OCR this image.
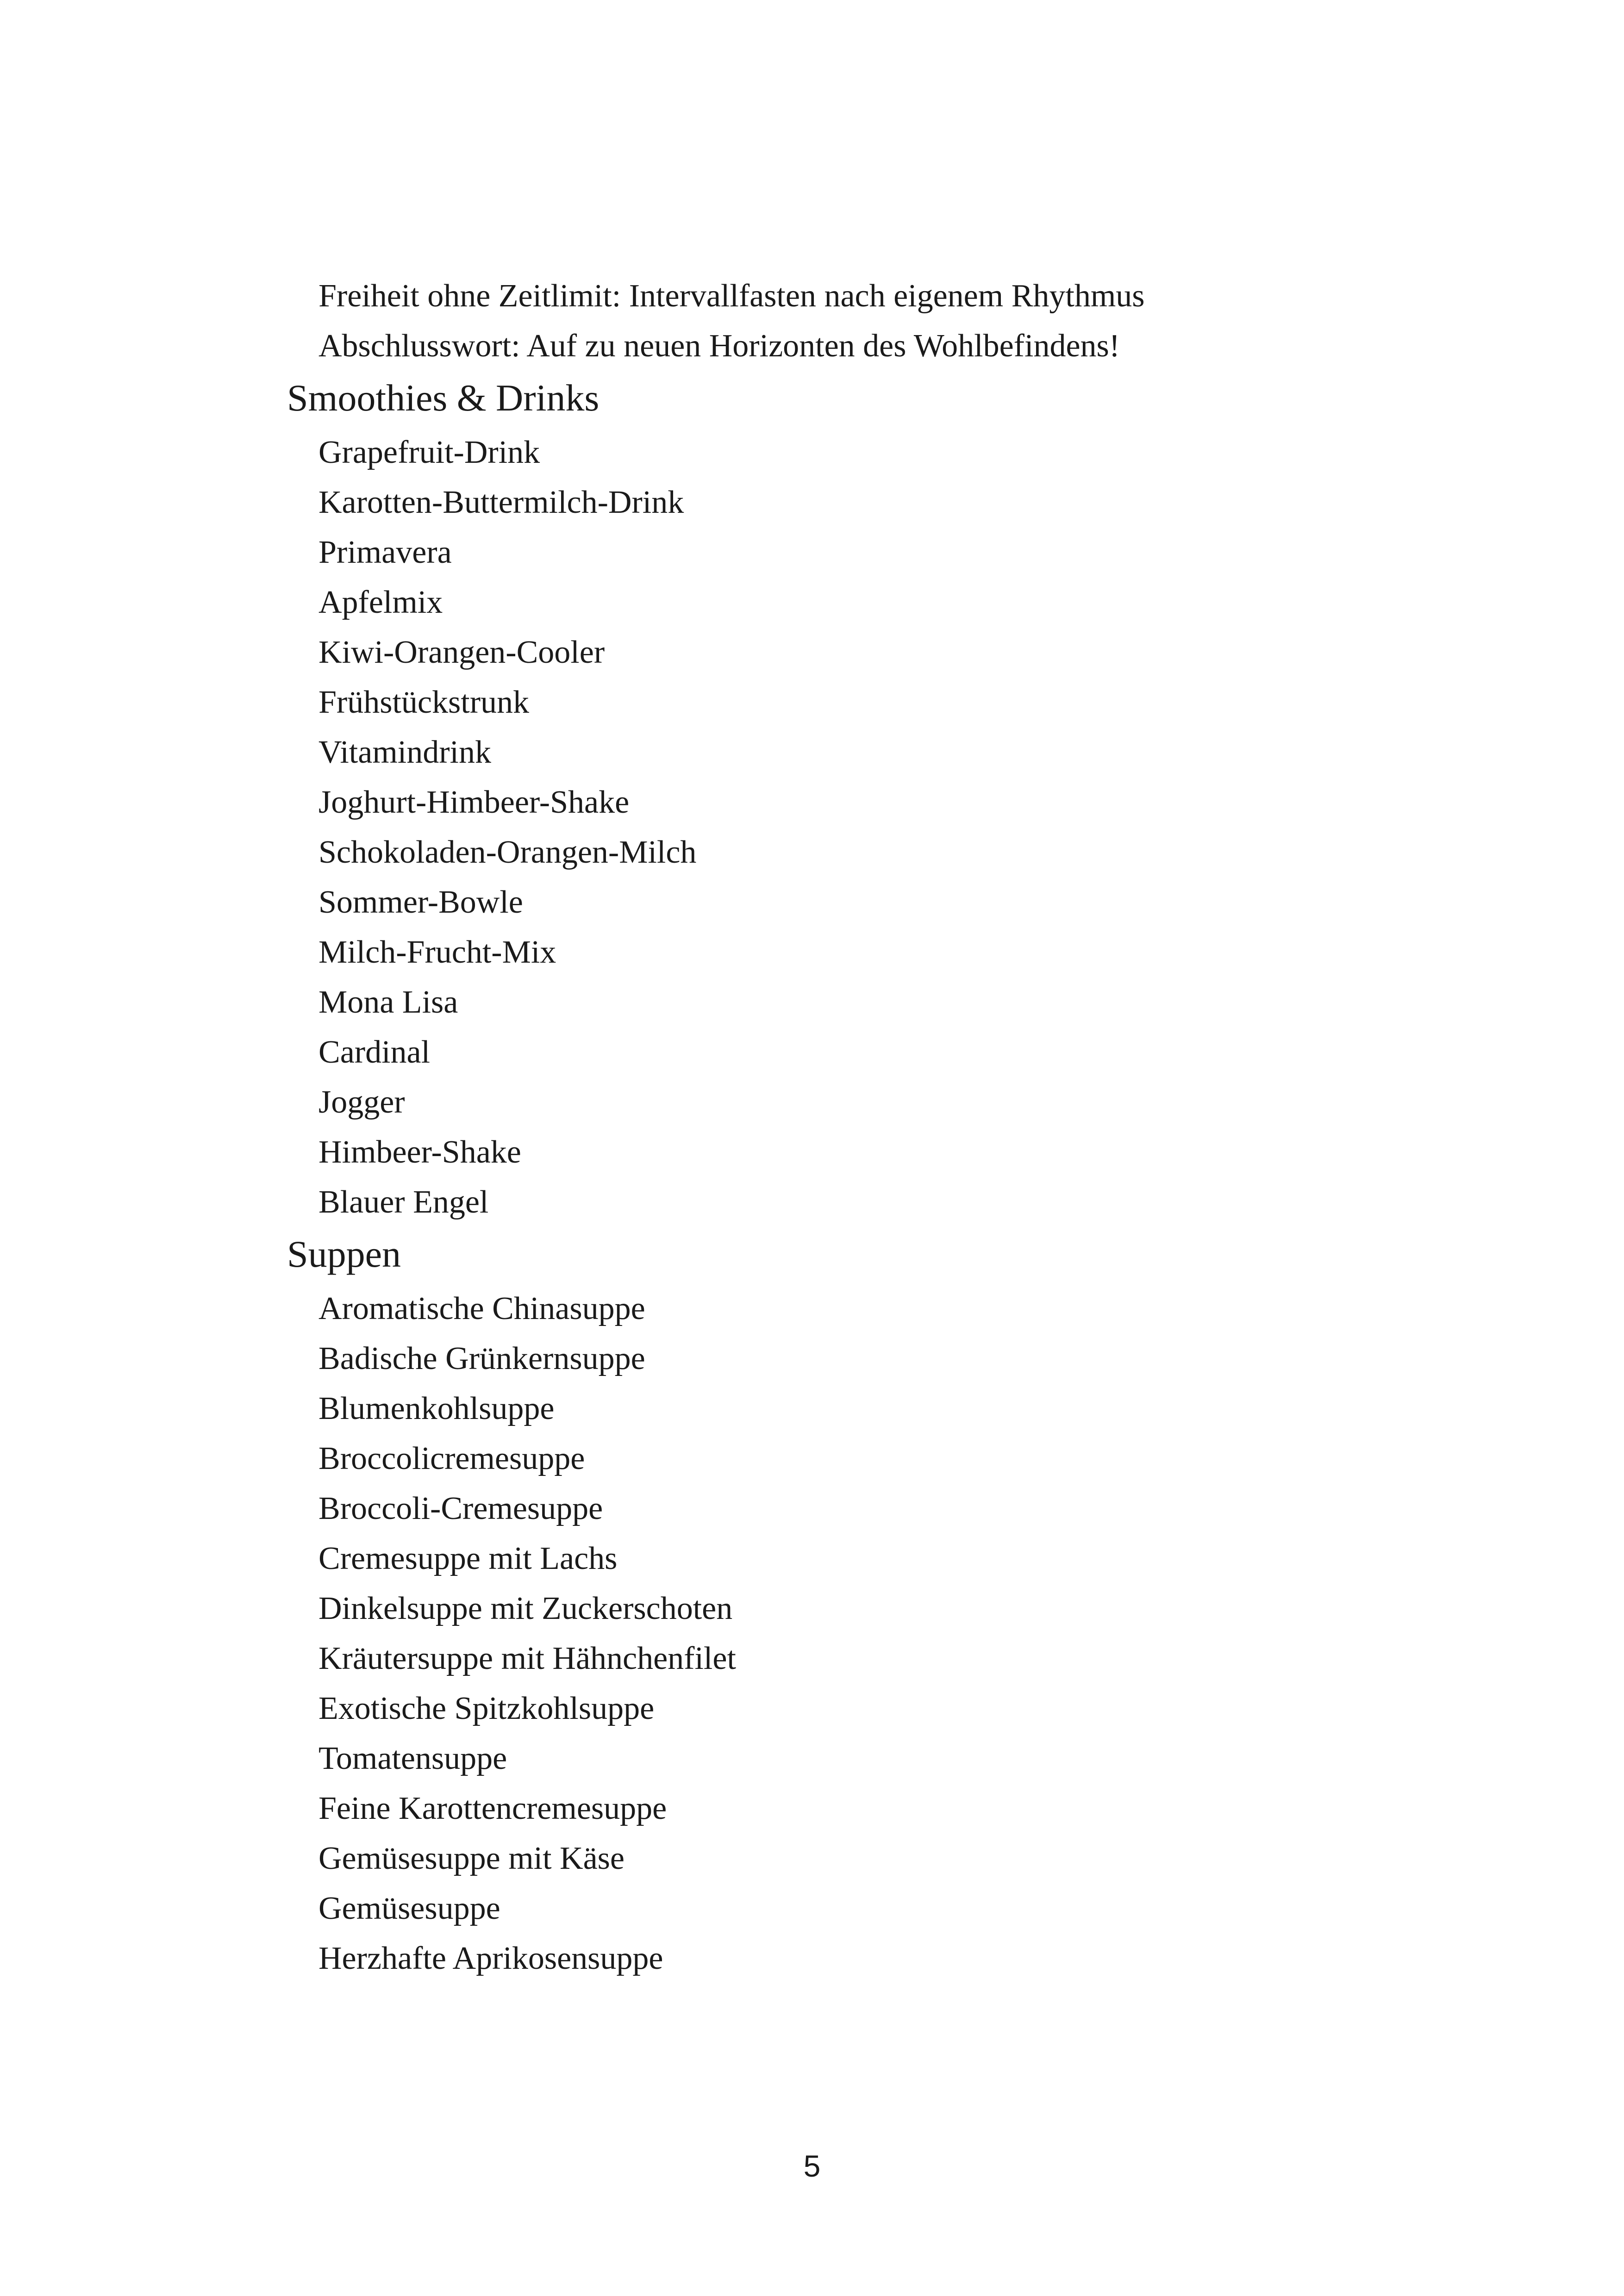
Freiheit ohne Zeitlimit: Intervallfasten nach eigenem Rhythmus
Abschlusswort: Auf zu neuen Horizonten des Wohlbefindens!
Smoothies & Drinks
Grapefruit-Drink
Karotten-Buttermilch-Drink
Primavera
Apfelmix
Kiwi-Orangen-Cooler
Frühstückstrunk
Vitamindrink
Joghurt-Himbeer-Shake
Schokoladen-Orangen-Milch
Sommer-Bowle
Milch-Frucht-Mix
Mona Lisa
Cardinal
Jogger
Himbeer-Shake
Blauer Engel
Suppen
Aromatische Chinasuppe
Badische Grünkernsuppe
Blumenkohlsuppe
Broccolicremesuppe
Broccoli-Cremesuppe
Cremesuppe mit Lachs
Dinkelsuppe mit Zuckerschoten
Kräutersuppe mit Hähnchenfilet
Exotische Spitzkohlsuppe
Tomatensuppe
Feine Karottencremesuppe
Gemüsesuppe mit Käse
Gemüsesuppe
Herzhafte Aprikosensuppe
5
